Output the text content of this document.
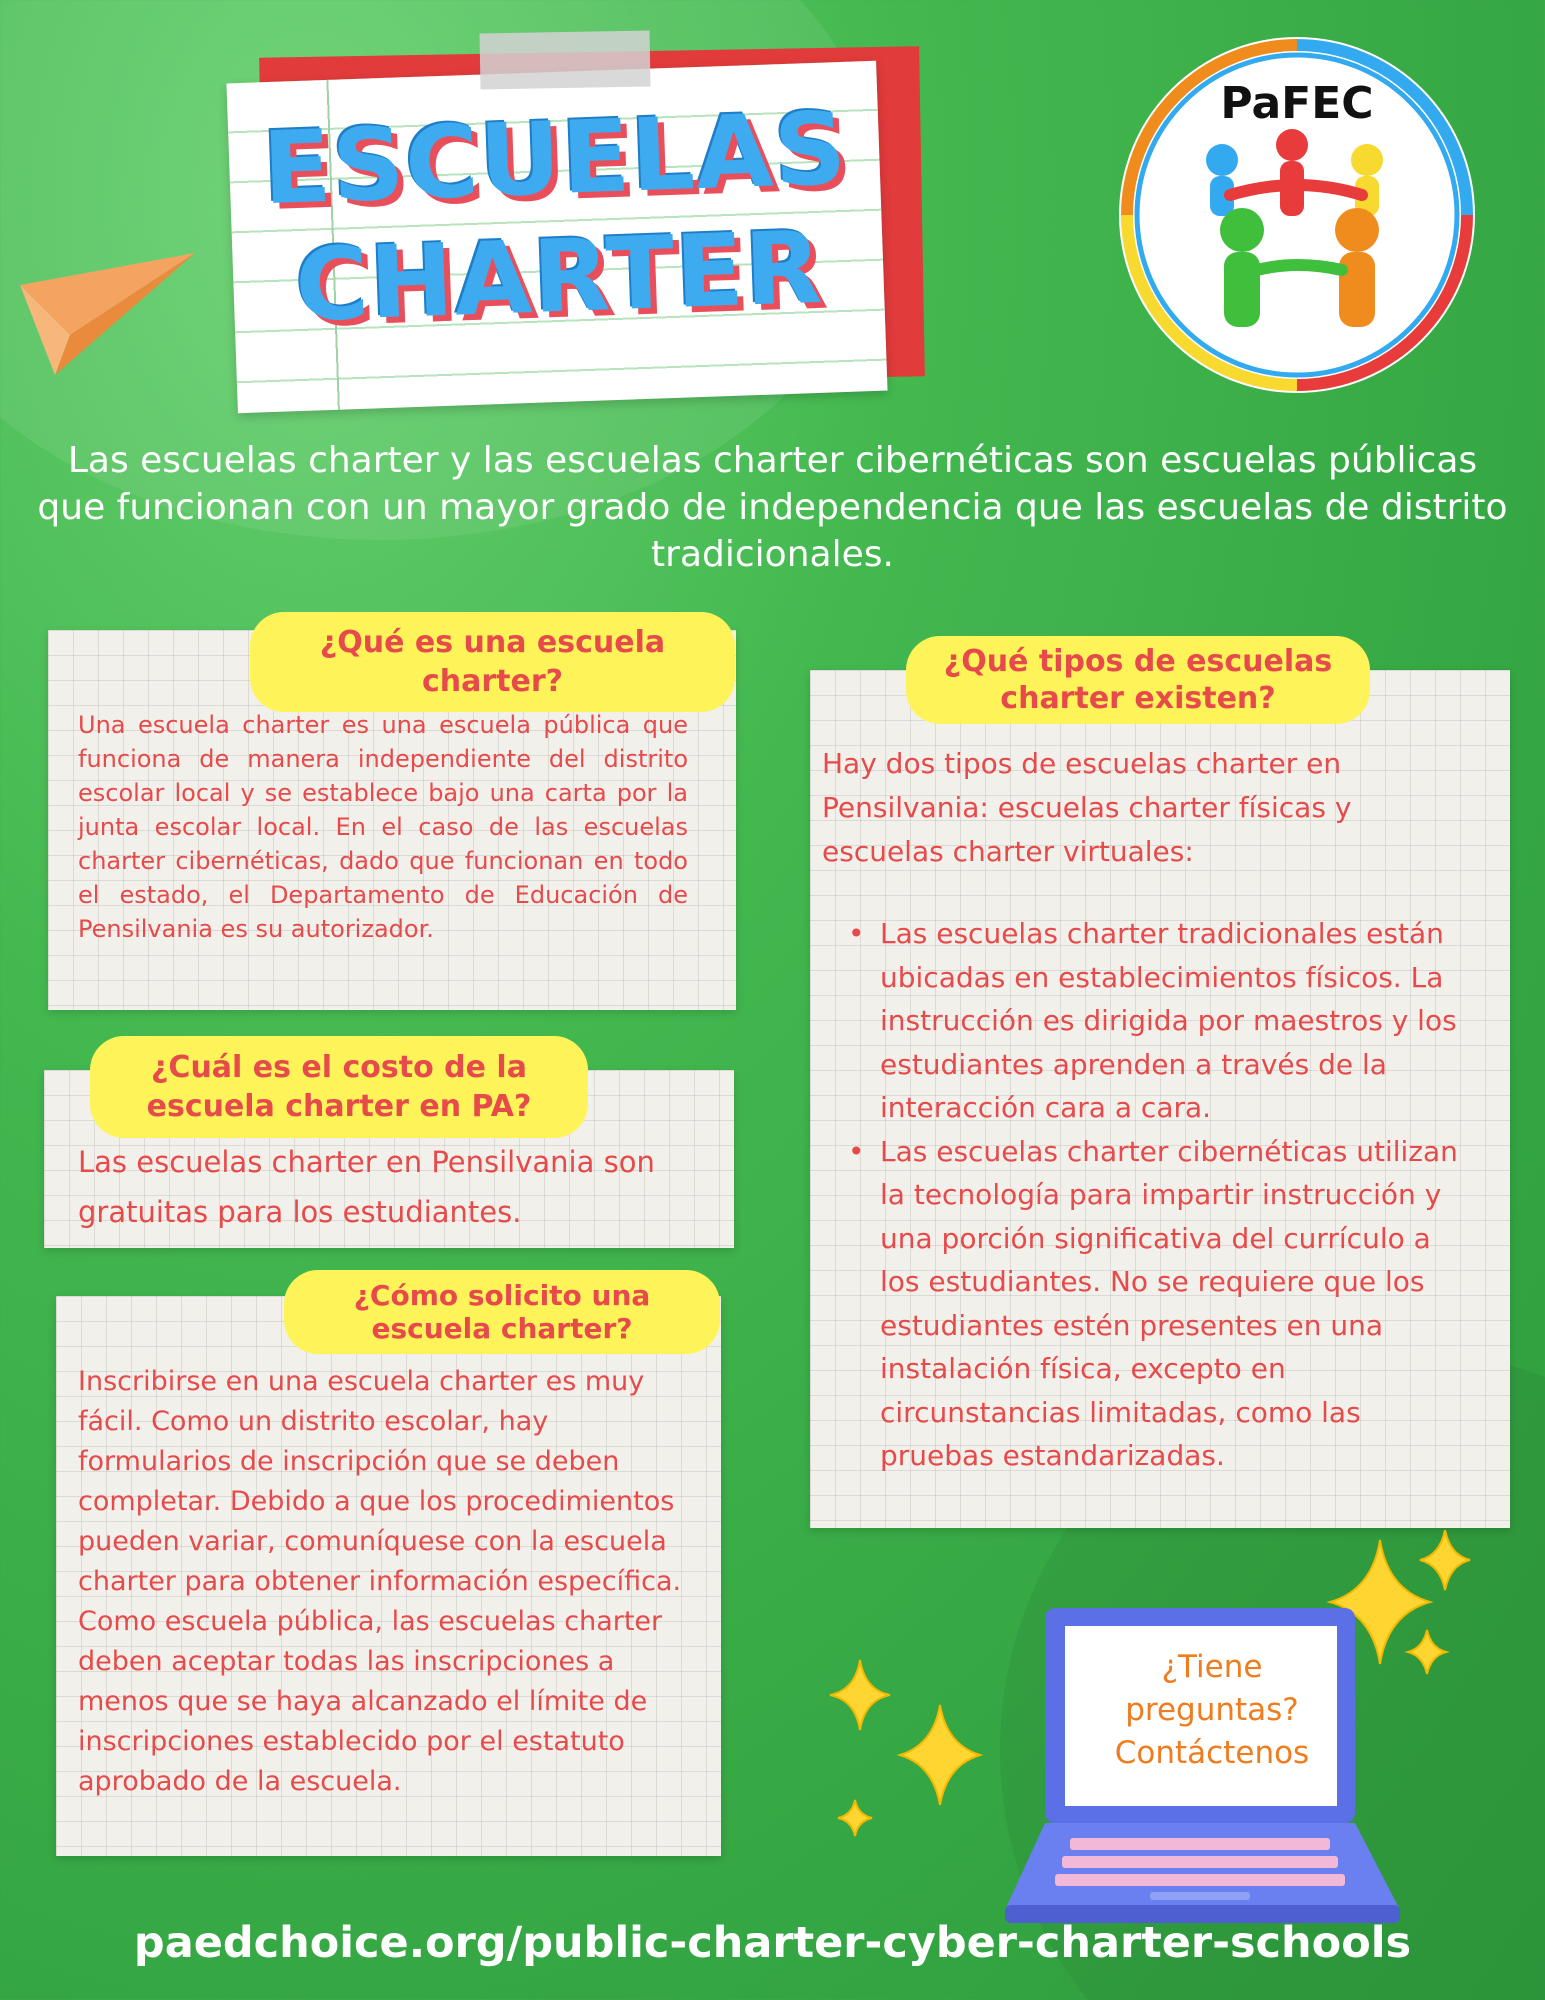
ESCUELAS
CHARTER
PaFEC
Las escuelas charter y las escuelas charter cibernéticas son escuelas públicas que funcionan con un mayor grado de independencia que las escuelas de distrito tradicionales.
¿Qué es una escuela charter?
Una escuela charter es una escuela pública que funciona de manera independiente del distrito escolar local y se establece bajo una carta por la junta escolar local. En el caso de las escuelas charter cibernéticas, dado que funcionan en todo el estado, el Departamento de Educación de Pensilvania es su autorizador.
¿Cuál es el costo de la escuela charter en PA?
Las escuelas charter en Pensilvania son gratuitas para los estudiantes.
¿Cómo solicito una escuela charter?
Inscribirse en una escuela charter es muy fácil. Como un distrito escolar, hay formularios de inscripción que se deben completar. Debido a que los procedimientos pueden variar, comuníquese con la escuela charter para obtener información específica.
Como escuela pública, las escuelas charter deben aceptar todas las inscripciones a menos que se haya alcanzado el límite de inscripciones establecido por el estatuto aprobado de la escuela.
¿Qué tipos de escuelas charter existen?
Hay dos tipos de escuelas charter en Pensilvania: escuelas charter físicas y escuelas charter virtuales:
• Las escuelas charter tradicionales están ubicadas en establecimientos físicos. La instrucción es dirigida por maestros y los estudiantes aprenden a través de la interacción cara a cara.
• Las escuelas charter cibernéticas utilizan la tecnología para impartir instrucción y una porción significativa del currículo a los estudiantes. No se requiere que los estudiantes estén presentes en una instalación física, excepto en circunstancias limitadas, como las pruebas estandarizadas.
¿Tiene
preguntas?
Contáctenos
paedchoice.org/public-charter-cyber-charter-schools
